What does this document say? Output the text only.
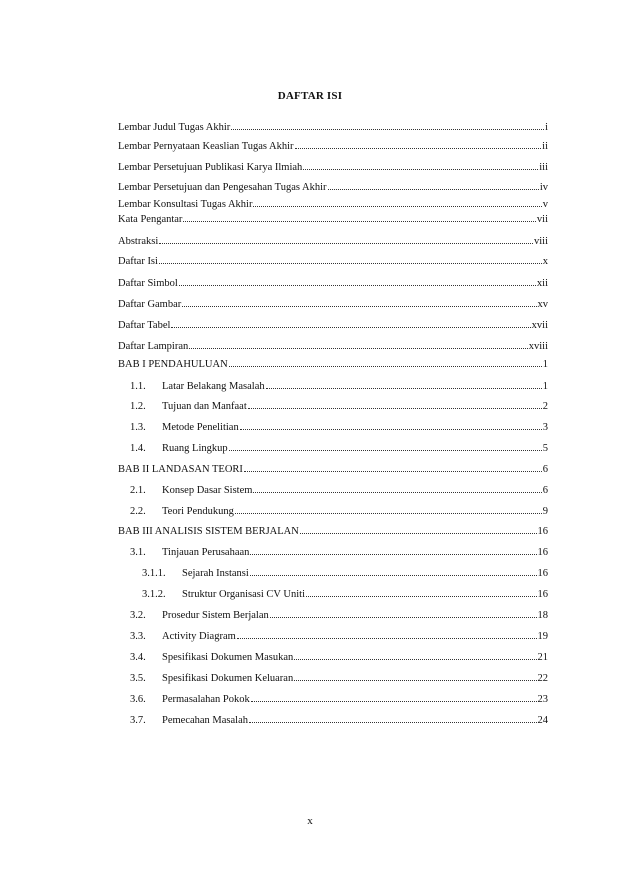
DAFTAR ISI
Lembar Judul Tugas Akhir	i
Lembar Pernyataan Keaslian Tugas Akhir	ii
Lembar Persetujuan Publikasi Karya Ilmiah	iii
Lembar Persetujuan dan Pengesahan Tugas Akhir	iv
Lembar Konsultasi Tugas Akhir	v
Kata Pengantar	vii
Abstraksi	viii
Daftar Isi	x
Daftar Simbol	xii
Daftar Gambar	xv
Daftar Tabel	xvii
Daftar Lampiran	xviii
BAB I PENDAHULUAN	1
1.1.	Latar Belakang Masalah	1
1.2.	Tujuan dan Manfaat	2
1.3.	Metode Penelitian	3
1.4.	Ruang Lingkup	5
BAB II LANDASAN TEORI	6
2.1.	Konsep Dasar Sistem	6
2.2.	Teori Pendukung	9
BAB III ANALISIS SISTEM BERJALAN	16
3.1.	Tinjauan Perusahaan	16
3.1.1.	Sejarah Instansi	16
3.1.2.	Struktur Organisasi CV Uniti	16
3.2.	Prosedur Sistem Berjalan	18
3.3.	Activity Diagram	19
3.4.	Spesifikasi Dokumen Masukan	21
3.5.	Spesifikasi Dokumen Keluaran	22
3.6.	Permasalahan Pokok	23
3.7.	Pemecahan Masalah	24
x
